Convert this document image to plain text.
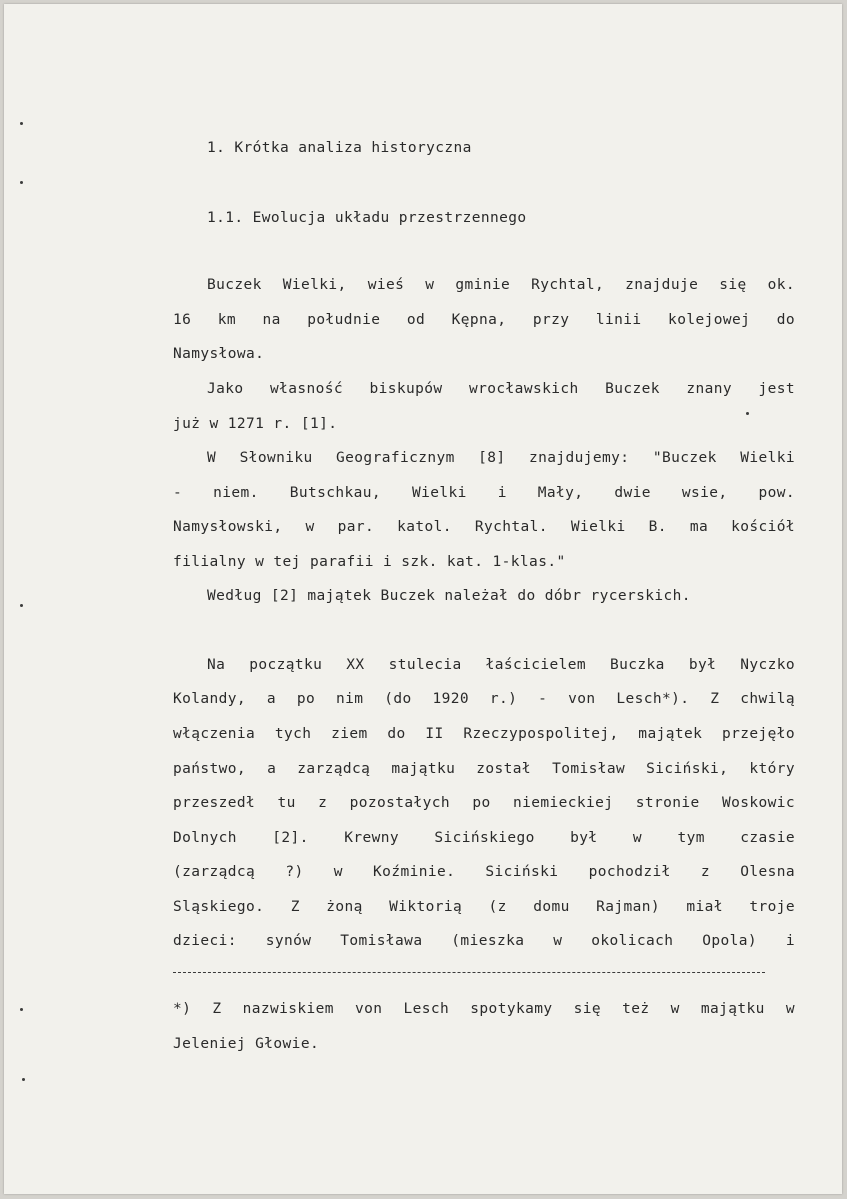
1. Krótka analiza historyczna
1.1. Ewolucja układu przestrzennego
Buczek Wielki, wieś w gminie Rychtal, znajduje się ok.
16 km na południe od Kępna, przy linii kolejowej do
Namysłowa.
Jako własność biskupów wrocławskich Buczek znany jest
już w 1271 r. [1].
W Słowniku Geograficznym [8] znajdujemy: "Buczek Wielki
- niem. Butschkau, Wielki i Mały, dwie wsie, pow.
Namysłowski, w par. katol. Rychtal. Wielki B. ma kościół
filialny w tej parafii i szk. kat. 1-klas."
Według [2] majątek Buczek należał do dóbr rycerskich.
Na początku XX stulecia łaścicielem Buczka był Nyczko
Kolandy, a po nim (do 1920 r.) - von Lesch*). Z chwilą
włączenia tych ziem do II Rzeczypospolitej, majątek przejęło
państwo, a zarządcą majątku został Tomisław Siciński, który
przeszedł tu z pozostałych po niemieckiej stronie Woskowic
Dolnych [2]. Krewny Sicińskiego był w tym czasie
(zarządcą ?) w Koźminie. Siciński pochodził z Olesna
Sląskiego. Z żoną Wiktorią (z domu Rajman) miał troje
dzieci: synów Tomisława (mieszka w okolicach Opola) i
*) Z nazwiskiem von Lesch spotykamy się też w majątku w
Jeleniej Głowie.
